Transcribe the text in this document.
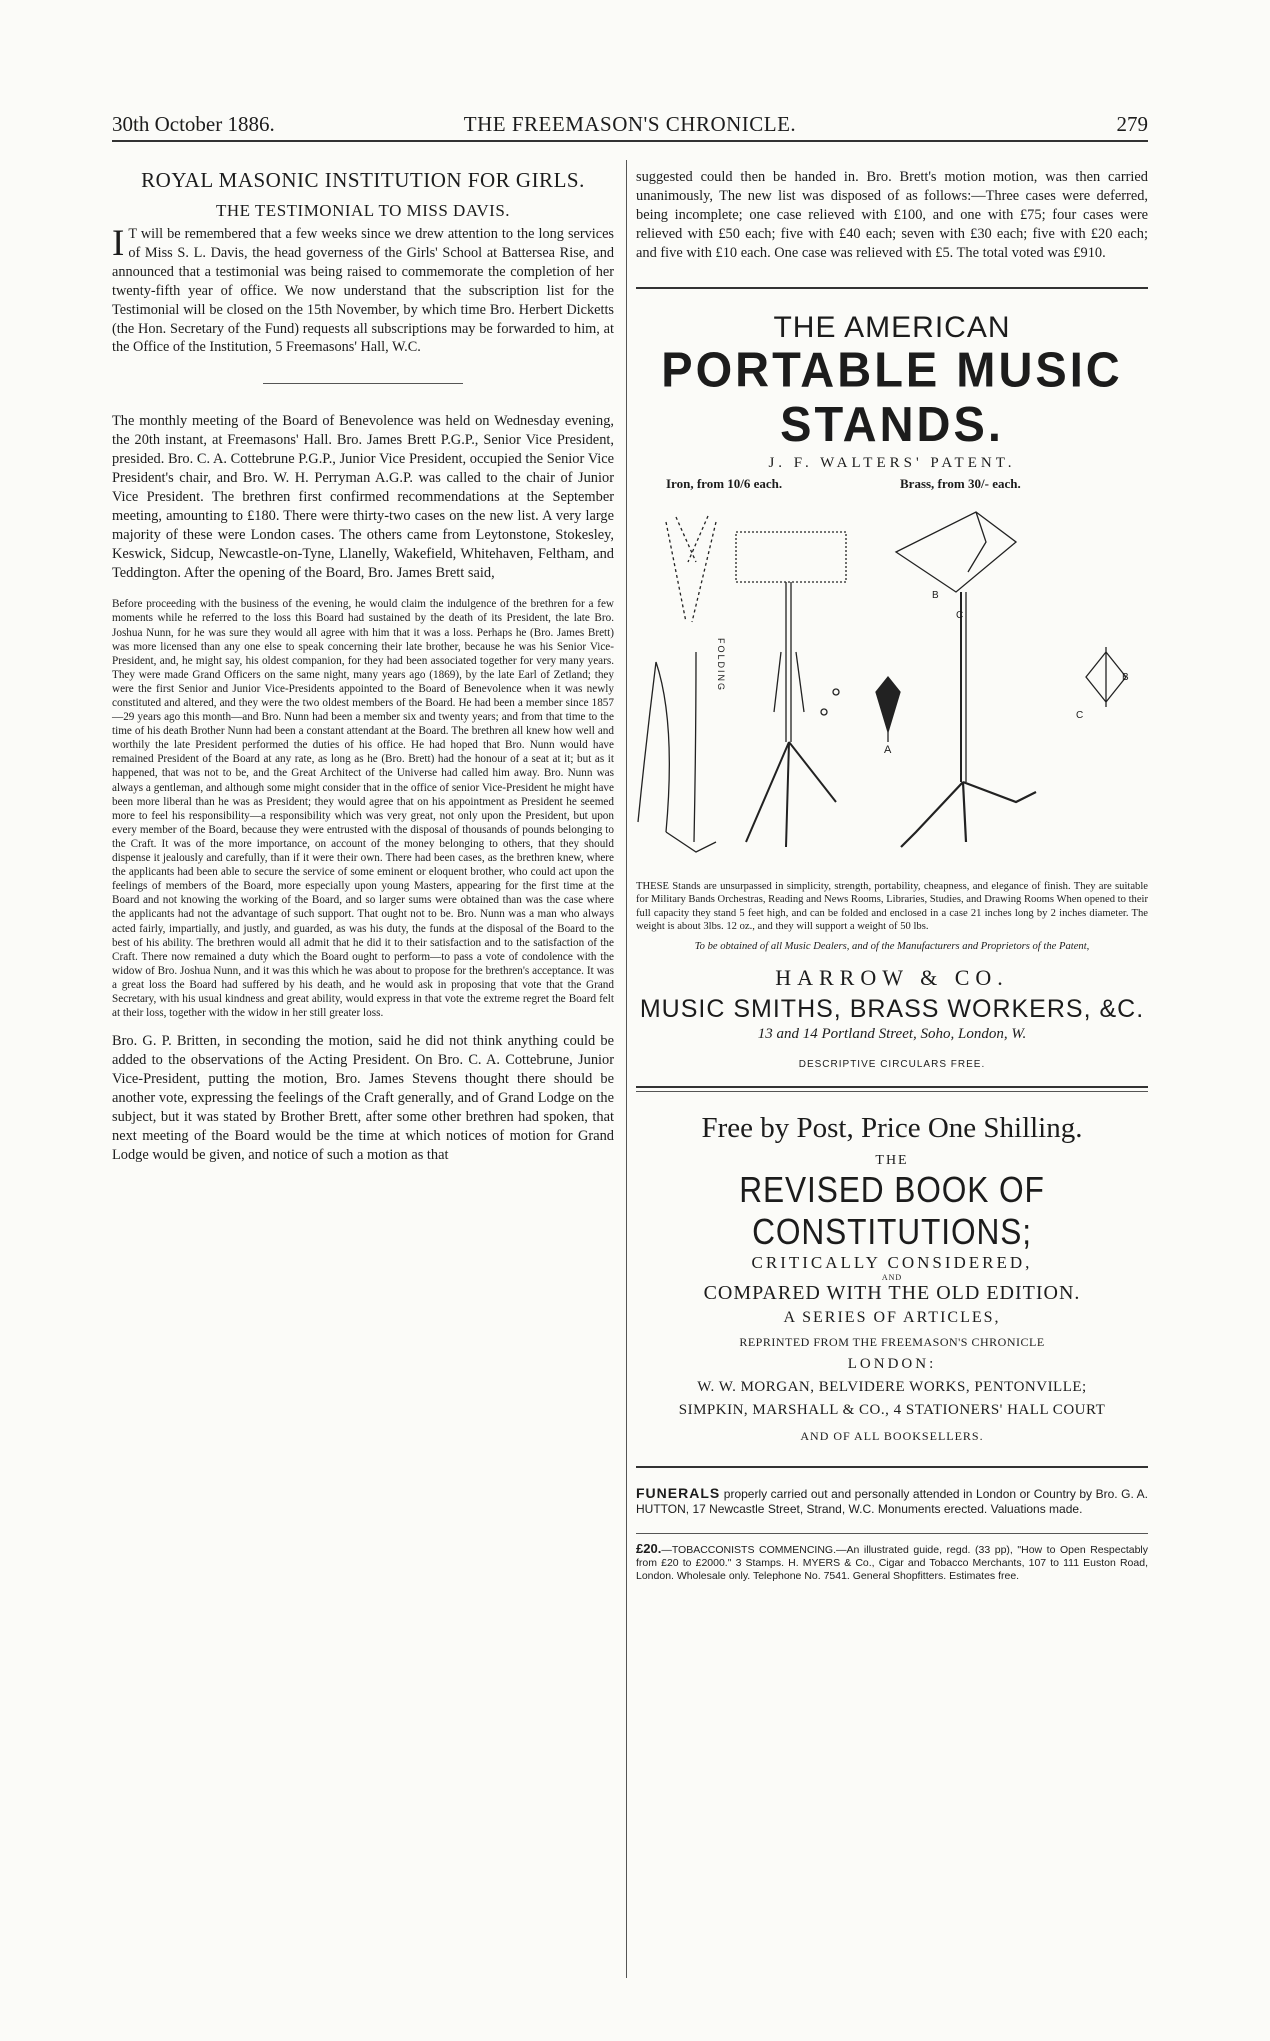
30th October 1886.	THE FREEMASON'S CHRONICLE.	279
ROYAL MASONIC INSTITUTION FOR GIRLS.
THE TESTIMONIAL TO MISS DAVIS.

I T will be remembered that a few weeks since we drew attention to the long services of Miss S. L. Davis, the head governess of the Girls' School at Battersea Rise, and announced that a testimonial was being raised to commemorate the completion of her twenty-fifth year of office. We now understand that the subscription list for the Testimonial will be closed on the 15th November, by which time Bro. Herbert Dicketts (the Hon. Secretary of the Fund) requests all subscriptions may be forwarded to him, at the Office of the Institution, 5 Freemasons' Hall, W.C.

The monthly meeting of the Board of Benevolence was held on Wednesday evening, the 20th instant, at Freemasons' Hall. Bro. James Brett P.G.P., Senior Vice President, presided. Bro. C. A. Cottebrune P.G.P., Junior Vice President, occupied the Senior Vice President's chair, and Bro. W. H. Perryman A.G.P. was called to the chair of Junior Vice President. The brethren first confirmed recommendations at the September meeting, amounting to £180. There were thirty-two cases on the new list. A very large majority of these were London cases. The others came from Leytonstone, Stokesley, Keswick, Sidcup, Newcastle-on-Tyne, Llanelly, Wakefield, Whitehaven, Feltham, and Teddington. After the opening of the Board, Bro. James Brett said,

Before proceeding with the business of the evening, he would claim the indulgence of the brethren for a few moments while he referred to the loss this Board had sustained by the death of its President, the late Bro. Joshua Nunn, for he was sure they would all agree with him that it was a loss. Perhaps he (Bro. James Brett) was more licensed than any one else to speak concerning their late brother, because he was his Senior Vice-President, and, he might say, his oldest companion, for they had been associated together for very many years. They were made Grand Officers on the same night, many years ago (1869), by the late Earl of Zetland; they were the first Senior and Junior Vice-Presidents appointed to the Board of Benevolence when it was newly constituted and altered, and they were the two oldest members of the Board. He had been a member since 1857—29 years ago this month—and Bro. Nunn had been a member six and twenty years; and from that time to the time of his death Brother Nunn had been a constant attendant at the Board. The brethren all knew how well and worthily the late President performed the duties of his office. He had hoped that Bro. Nunn would have remained President of the Board at any rate, as long as he (Bro. Brett) had the honour of a seat at it; but as it happened, that was not to be, and the Great Architect of the Universe had called him away. Bro. Nunn was always a gentleman, and although some might consider that in the office of senior Vice-President he might have been more liberal than he was as President; they would agree that on his appointment as President he seemed more to feel his responsibility—a responsibility which was very great, not only upon the President, but upon every member of the Board, because they were entrusted with the disposal of thousands of pounds belonging to the Craft. It was of the more importance, on account of the money belonging to others, that they should dispense it jealously and carefully, than if it were their own. There had been cases, as the brethren knew, where the applicants had been able to secure the service of some eminent or eloquent brother, who could act upon the feelings of members of the Board, more especially upon young Masters, appearing for the first time at the Board and not knowing the working of the Board, and so larger sums were obtained than was the case where the applicants had not the advantage of such support. That ought not to be. Bro. Nunn was a man who always acted fairly, impartially, and justly, and guarded, as was his duty, the funds at the disposal of the Board to the best of his ability. The brethren would all admit that he did it to their satisfaction and to the satisfaction of the Craft. There now remained a duty which the Board ought to perform—to pass a vote of condolence with the widow of Bro. Joshua Nunn, and it was this which he was about to propose for the brethren's acceptance. It was a great loss the Board had suffered by his death, and he would ask in proposing that vote that the Grand Secretary, with his usual kindness and great ability, would express in that vote the extreme regret the Board felt at their loss, together with the widow in her still greater loss.

Bro. G. P. Britten, in seconding the motion, said he did not think anything could be added to the observations of the Acting President. On Bro. C. A. Cottebrune, Junior Vice-President, putting the motion, Bro. James Stevens thought there should be another vote, expressing the feelings of the Craft generally, and of Grand Lodge on the subject, but it was stated by Brother Brett, after some other brethren had spoken, that next meeting of the Board would be the time at which notices of motion for Grand Lodge would be given, and notice of such a motion as that

suggested could then be handed in. Bro. Brett's motion motion, was then carried unanimously, The new list was disposed of as follows:—Three cases were deferred, being incomplete; one case relieved with £100, and one with £75; four cases were relieved with £50 each; five with £40 each; seven with £30 each; five with £20 each; and five with £10 each. One case was relieved with £5. The total voted was £910.

THE AMERICAN
PORTABLE MUSIC STANDS.
J. F. WALTERS' PATENT.
Iron, from 10/6 each.	Brass, from 30/- each.
FOLDING
B
C
A
B
C

THESE Stands are unsurpassed in simplicity, strength, portability, cheapness, and elegance of finish. They are suitable for Military Bands Orchestras, Reading and News Rooms, Libraries, Studies, and Drawing Rooms When opened to their full capacity they stand 5 feet high, and can be folded and enclosed in a case 21 inches long by 2 inches diameter. The weight is about 3lbs. 12 oz., and they will support a weight of 50 lbs.

To be obtained of all Music Dealers, and of the Manufacturers and Proprietors of the Patent,

HARROW & CO.
MUSIC SMITHS, BRASS WORKERS, &C.
13 and 14 Portland Street, Soho, London, W.
DESCRIPTIVE CIRCULARS FREE.
Free by Post, Price One Shilling.
THE
REVISED BOOK OF CONSTITUTIONS;
CRITICALLY CONSIDERED,
AND
COMPARED WITH THE OLD EDITION.
A SERIES OF ARTICLES,
REPRINTED FROM THE FREEMASON'S CHRONICLE
LONDON:
W. W. MORGAN, BELVIDERE WORKS, PENTONVILLE;
SIMPKIN, MARSHALL & CO., 4 STATIONERS' HALL COURT
AND OF ALL BOOKSELLERS.

FUNERALS properly carried out and personally attended in London or Country by Bro. G. A. HUTTON, 17 Newcastle Street, Strand, W.C. Monuments erected. Valuations made.

£20.—TOBACCONISTS COMMENCING.—An illustrated guide, regd. (33 pp), "How to Open Respectably from £20 to £2000." 3 Stamps. H. MYERS & Co., Cigar and Tobacco Merchants, 107 to 111 Euston Road, London. Wholesale only. Telephone No. 7541. General Shopfitters. Estimates free.
